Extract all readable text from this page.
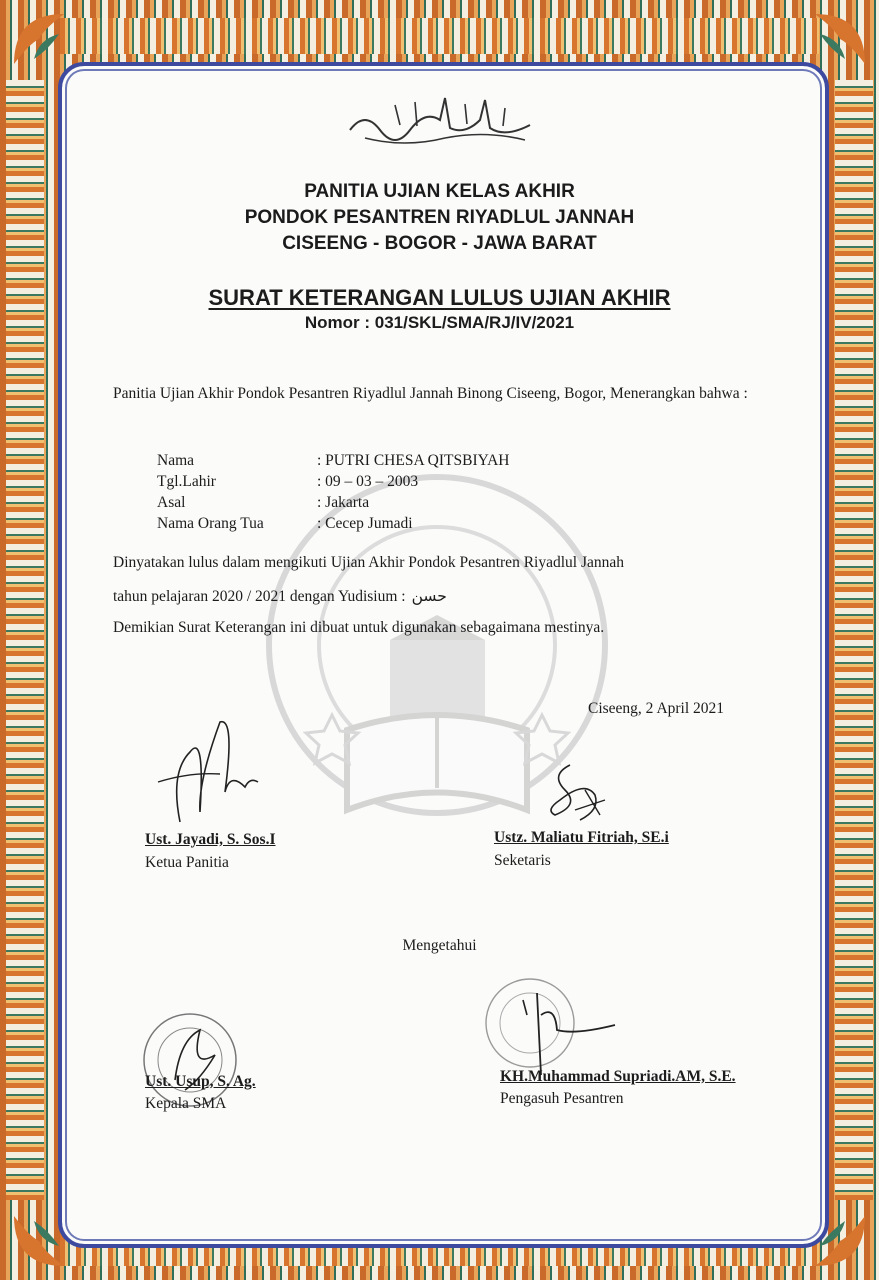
PANITIA UJIAN KELAS AKHIR
PONDOK PESANTREN RIYADLUL JANNAH
CISEENG - BOGOR - JAWA BARAT
SURAT KETERANGAN LULUS UJIAN AKHIR
Nomor : 031/SKL/SMA/RJ/IV/2021
Panitia Ujian Akhir Pondok Pesantren Riyadlul Jannah Binong Ciseeng, Bogor, Menerangkan bahwa :
Nama	: PUTRI CHESA QITSBIYAH
Tgl.Lahir	: 09 – 03 – 2003
Asal	: Jakarta
Nama Orang Tua	: Cecep Jumadi
Dinyatakan lulus dalam mengikuti Ujian Akhir Pondok Pesantren Riyadlul Jannah
tahun pelajaran 2020 / 2021 dengan Yudisium : حسن
Demikian Surat Keterangan ini dibuat untuk digunakan sebagaimana mestinya.
Ciseeng, 2 April 2021
Ust. Jayadi, S. Sos.I
Ketua Panitia
Ustz. Maliatu Fitriah, SE.i
Seketaris
Mengetahui
Ust. Usup, S. Ag.
Kepala SMA
KH.Muhammad Supriadi.AM, S.E.
Pengasuh Pesantren
